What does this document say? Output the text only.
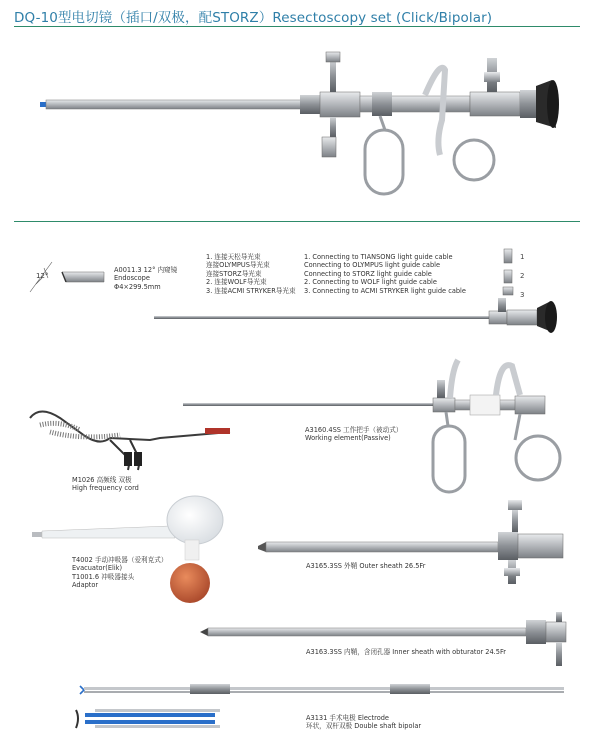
DQ-10型电切镜（插口/双极，配STORZ）Resectoscopy set (Click/Bipolar)
12°
A0011.3 12° 内窥镜
Endoscope
Φ4×299.5mm
1. 连接天松导光束
连接OLYMPUS导光束
连接STORZ导光束
2. 连接WOLF导光束
3. 连接ACMI STRYKER导光束
1. Connecting to TIANSONG light guide cable
Connecting to OLYMPUS light guide cable
Connecting to STORZ light guide cable
2. Connecting to WOLF light guide cable
3. Connecting to ACMI STRYKER light guide cable
1
2
3
A3160.4SS 工作把手（被动式）
Working element(Passive)
M1026 高频线 双极
High frequency cord
T4002 手动冲吸器（爱利克式）
Evacuator(Elik)
T1001.6 冲吸器接头
Adaptor
A3165.3SS 外鞘 Outer sheath 26.5Fr
A3163.3SS 内鞘，含闭孔器 Inner sheath with obturator 24.5Fr
A3131 手术电极 Electrode
环状，双杆双极 Double shaft bipolar
